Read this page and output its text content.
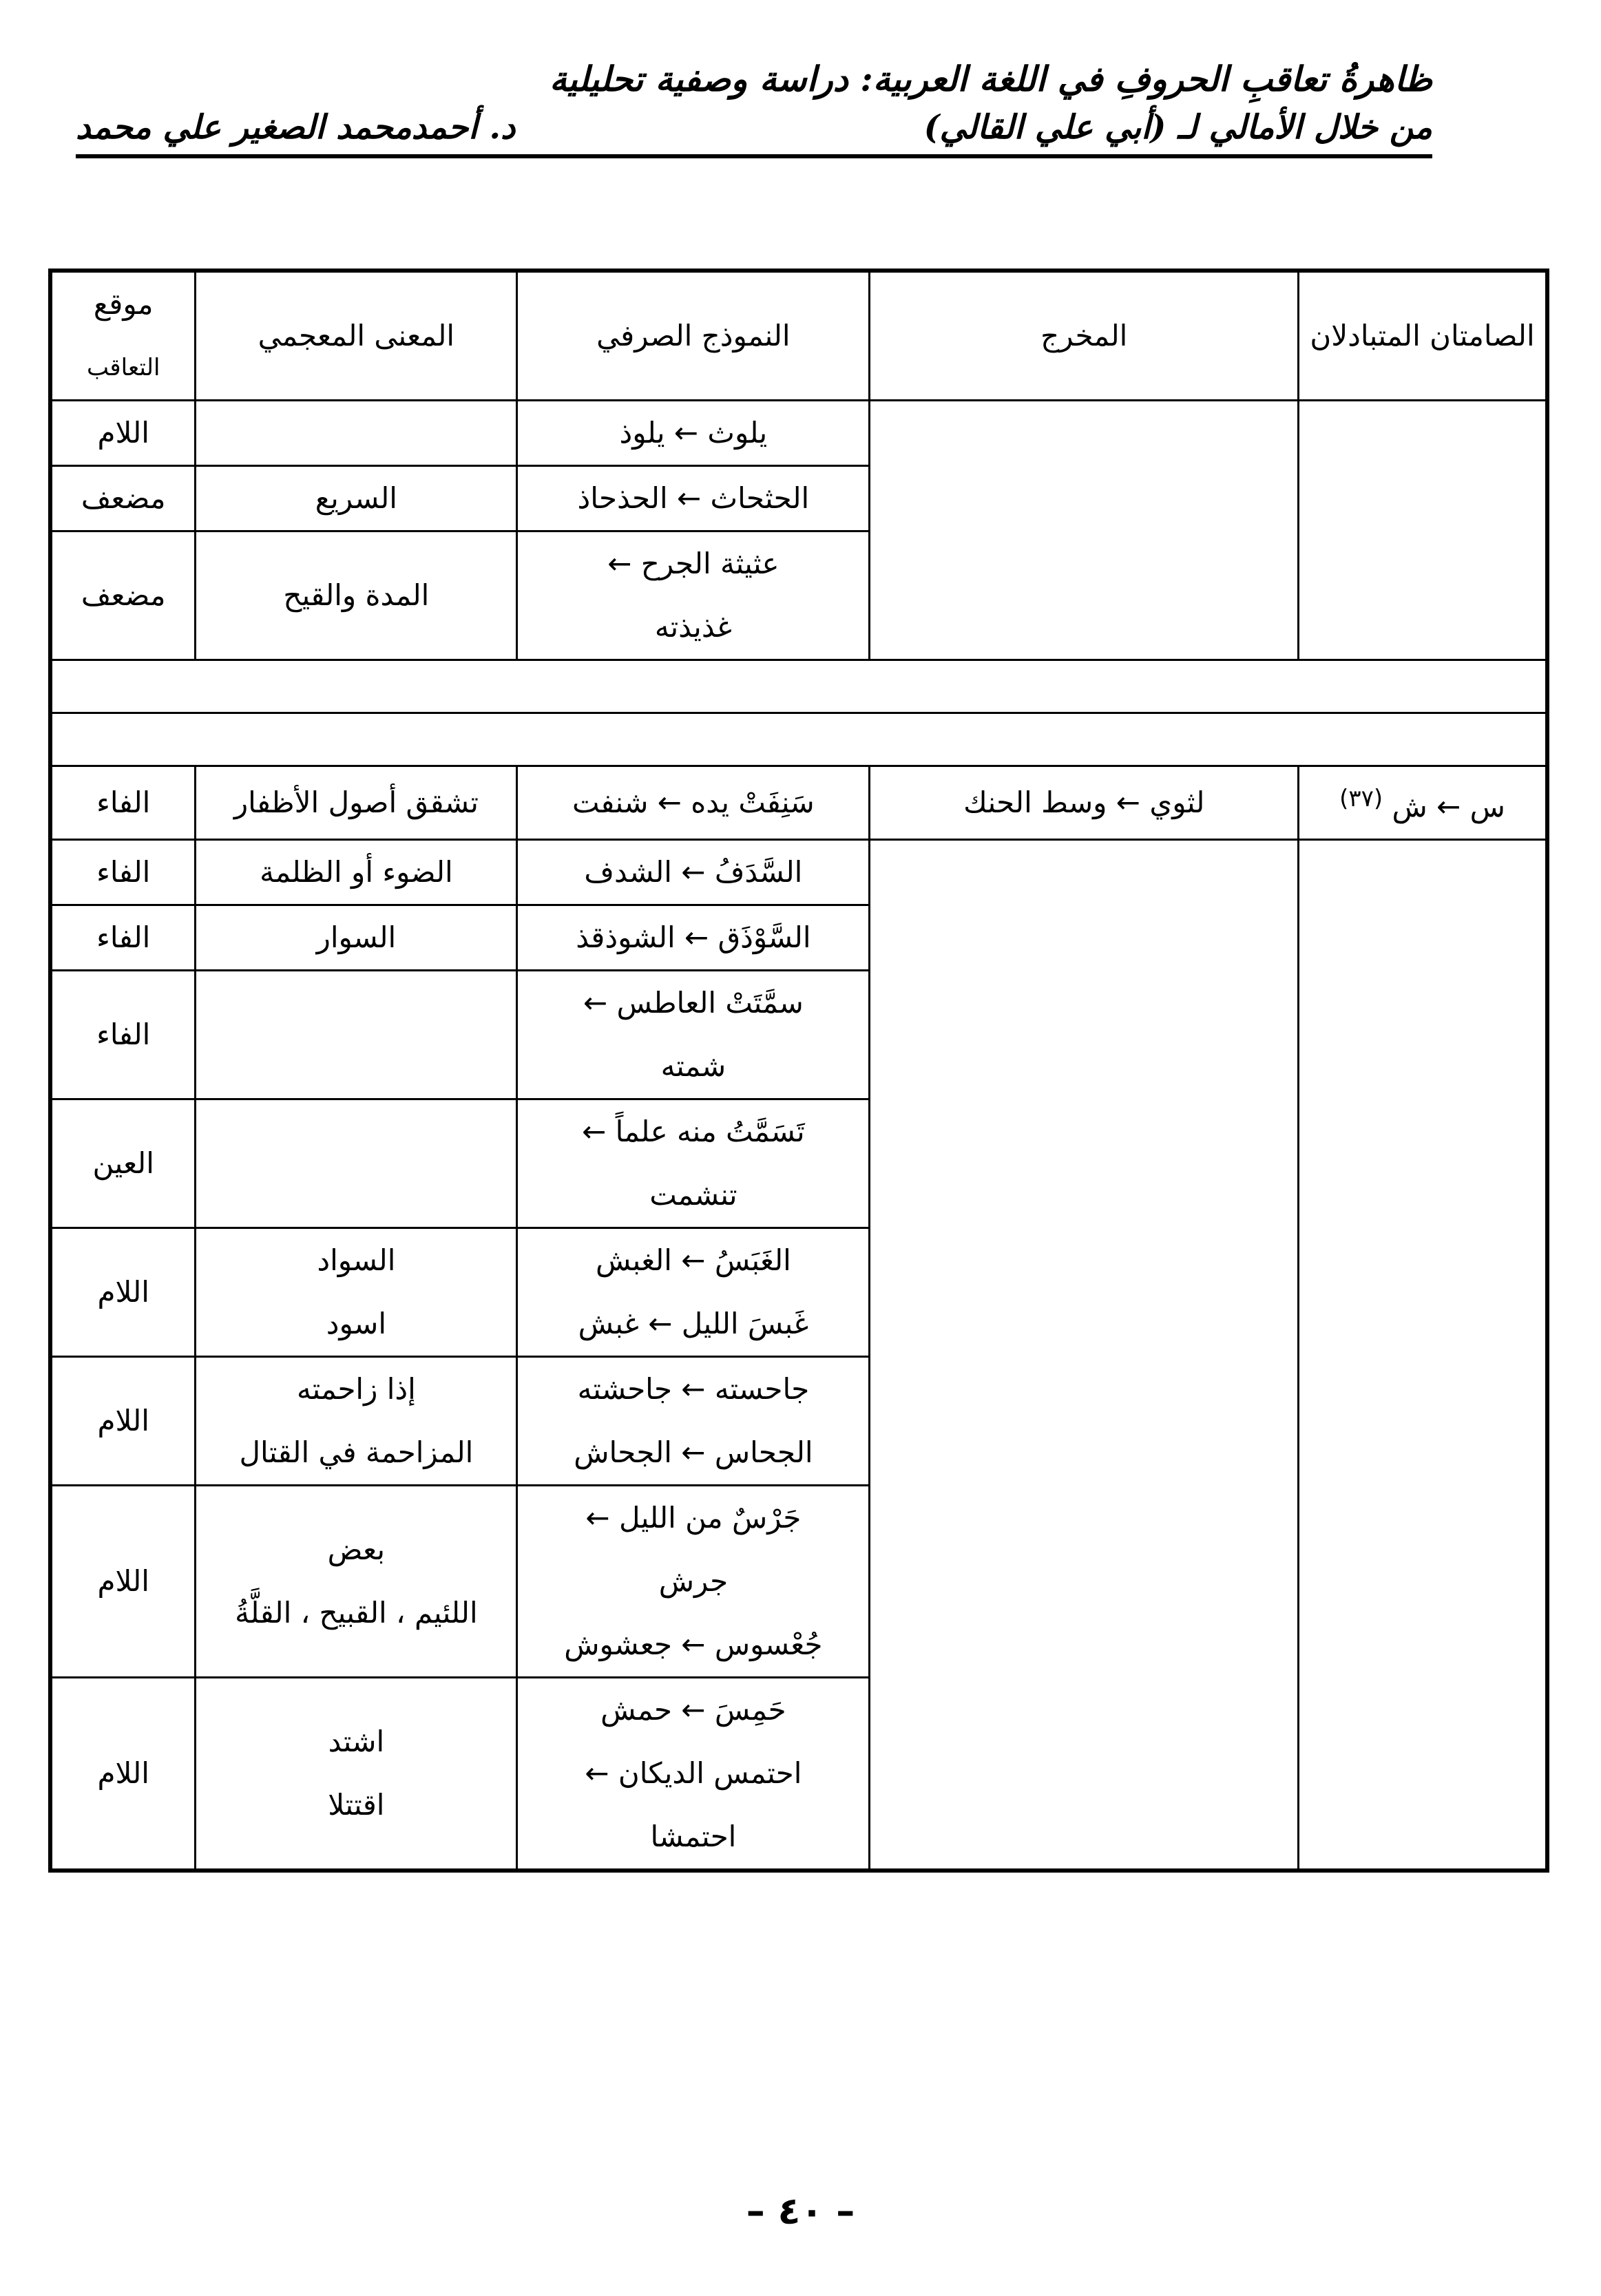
ظاهرةُ تعاقبِ الحروفِ في اللغة العربية: دراسة وصفية تحليلية
من خلال الأمالي لـ (أبي علي القالي)
د. أحمدمحمد الصغير علي محمد
الصامتان المتبادلان	المخرج	النموذج الصرفي	المعنى المعجمي	موقع
التعاقب

		يلوث ← يلوذ		اللام

		الحثحاث ← الحذحاذ	السريع	مضعف

		عثيثة الجرح ←
غذيذته	المدة والقيح	مضعف

س ← ش $^{(٣٧)}$	لثوي ← وسط الحنك	سَنِفَتْ يده ← شنفت	تشقق أصول الأظفار	الفاء

		السَّدَفُ ← الشدف	الضوء أو الظلمة	الفاء

		السَّوْذَق ← الشوذقذ	السوار	الفاء

		سمَّتَتْ العاطس ←
شمته		الفاء

		تَسَمَّتُ منه علماً ←
تنشمت		العين

		الغَبَسُ ← الغبش
غَبسَ الليل ← غبش	السواد
اسود	اللام

		جاحسته ← جاحشته
الجحاس ← الجحاش	إذا زاحمته
المزاحمة في القتال	اللام

		جَرْسٌ من الليل ←
جرش
جُعْسوس ← جعشوش	بعض
اللئيم ، القبيح ، القلَّةُ	اللام

		حَمِسَ ← حمش
احتمس الديكان ←
احتمشا	اشتد
اقتتلا	اللام
– ٤٠ –
